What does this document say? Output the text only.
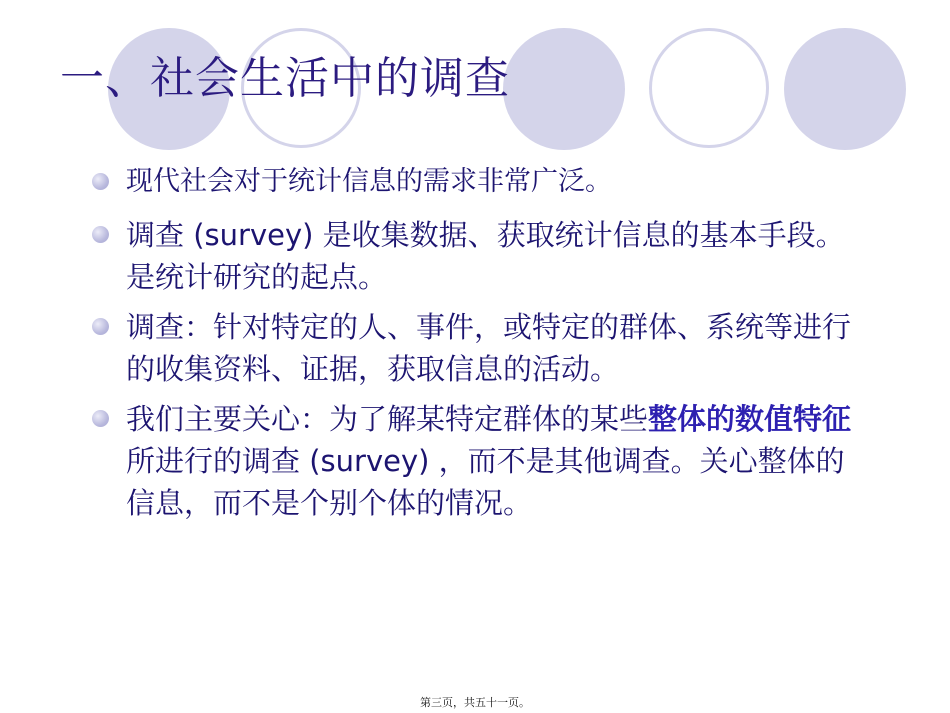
一、社会生活中的调查
现代社会对于统计信息的需求非常广泛。
调查 (survey) 是收集数据、获取统计信息的基本手段。是统计研究的起点。
调查：针对特定的人、事件，或特定的群体、系统等进行的收集资料、证据，获取信息的活动。
我们主要关心：为了解某特定群体的某些整体的数值特征所进行的调查 (survey) ，而不是其他调查。关心整体的信息，而不是个别个体的情况。
第三页，共五十一页。
